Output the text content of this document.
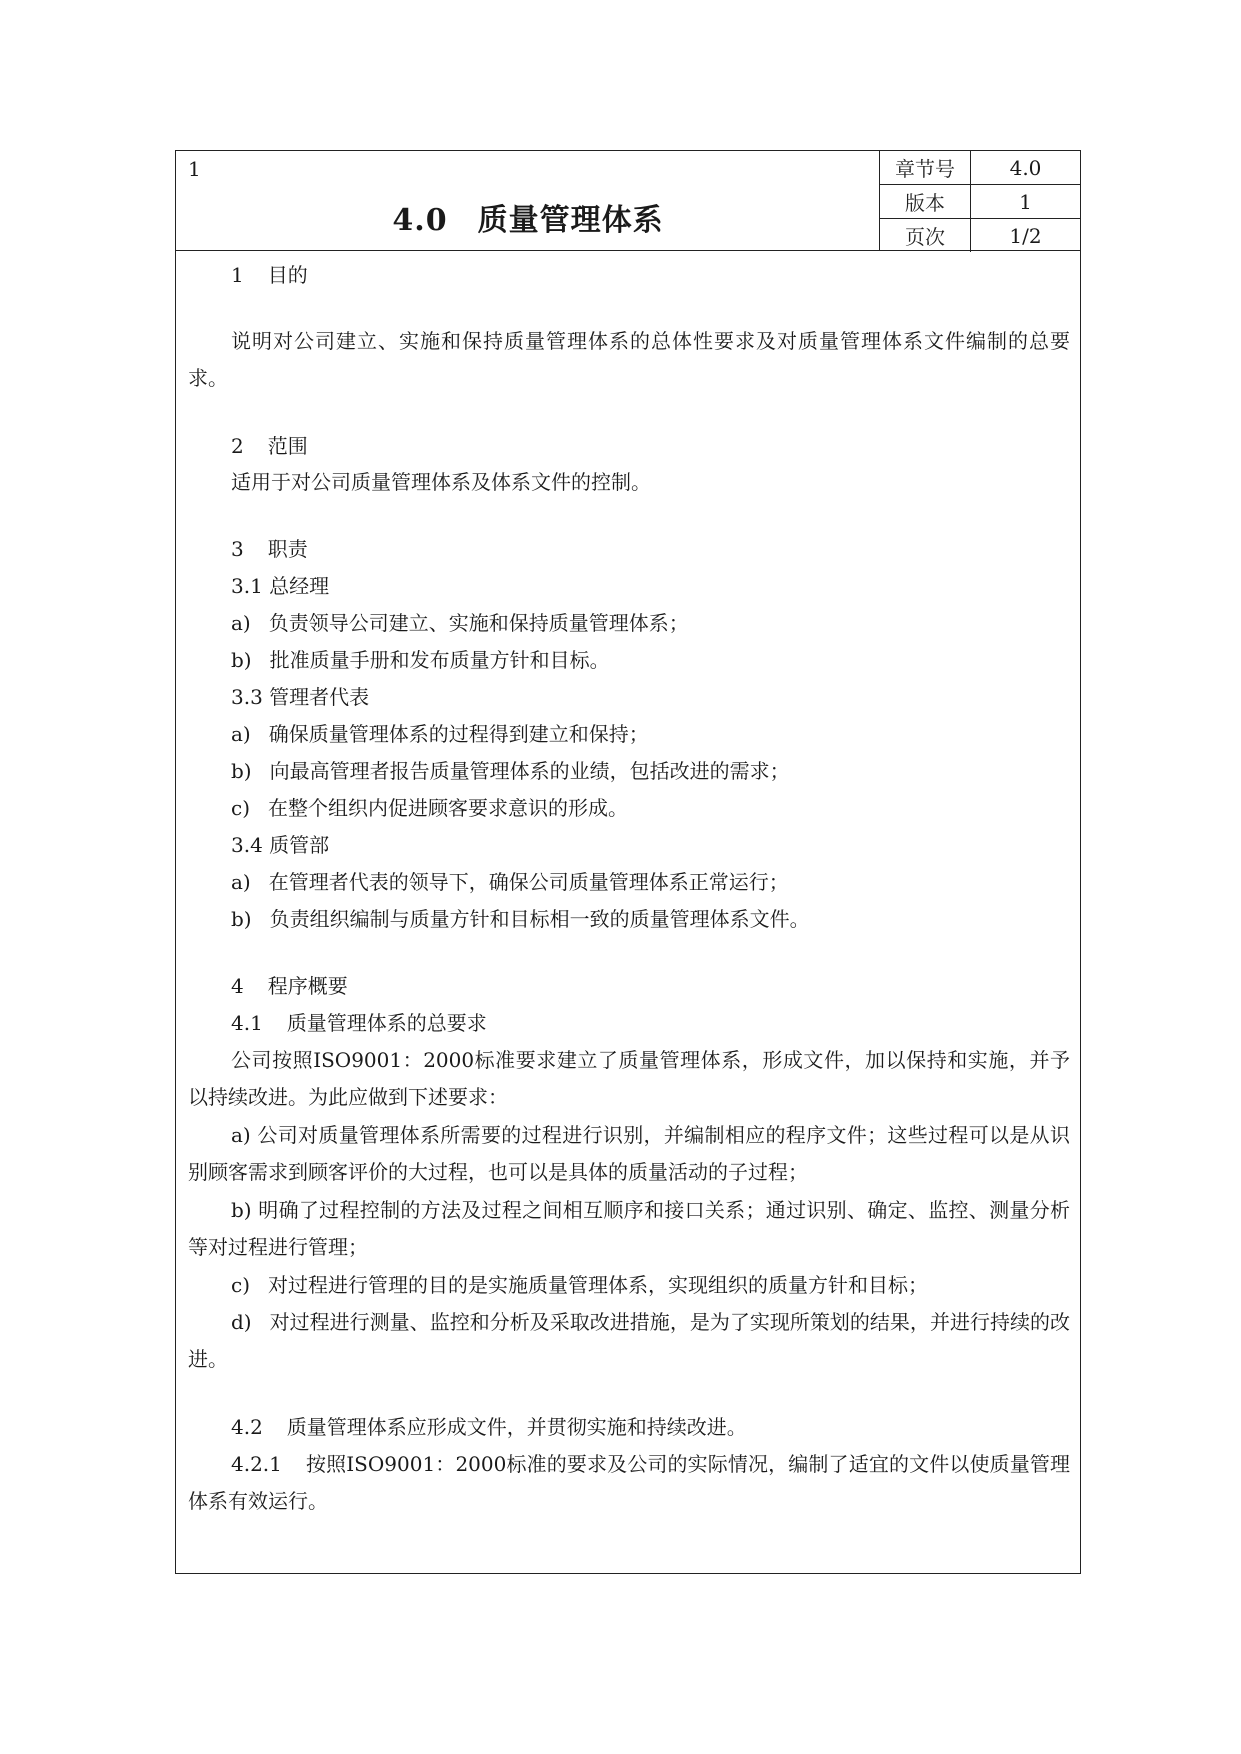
1
4.0 质量管理体系
章节号	4.0
版本	1
页次	1/2
1 目的
说明对公司建立、实施和保持质量管理体系的总体性要求及对质量管理体系文件编制的总要求。
2 范围
适用于对公司质量管理体系及体系文件的控制。
3 职责
3.1 总经理
a) 负责领导公司建立、实施和保持质量管理体系；
b) 批准质量手册和发布质量方针和目标。
3.3 管理者代表
a) 确保质量管理体系的过程得到建立和保持；
b) 向最高管理者报告质量管理体系的业绩，包括改进的需求；
c) 在整个组织内促进顾客要求意识的形成。
3.4 质管部
a) 在管理者代表的领导下，确保公司质量管理体系正常运行；
b) 负责组织编制与质量方针和目标相一致的质量管理体系文件。
4 程序概要
4.1 质量管理体系的总要求
公司按照ISO9001：2000标准要求建立了质量管理体系，形成文件，加以保持和实施，并予以持续改进。为此应做到下述要求：
a) 公司对质量管理体系所需要的过程进行识别，并编制相应的程序文件；这些过程可以是从识别顾客需求到顾客评价的大过程，也可以是具体的质量活动的子过程；
b) 明确了过程控制的方法及过程之间相互顺序和接口关系；通过识别、确定、监控、测量分析等对过程进行管理；
c) 对过程进行管理的目的是实施质量管理体系，实现组织的质量方针和目标；
d) 对过程进行测量、监控和分析及采取改进措施，是为了实现所策划的结果，并进行持续的改进。
4.2 质量管理体系应形成文件，并贯彻实施和持续改进。
4.2.1 按照ISO9001：2000标准的要求及公司的实际情况，编制了适宜的文件以使质量管理体系有效运行。
